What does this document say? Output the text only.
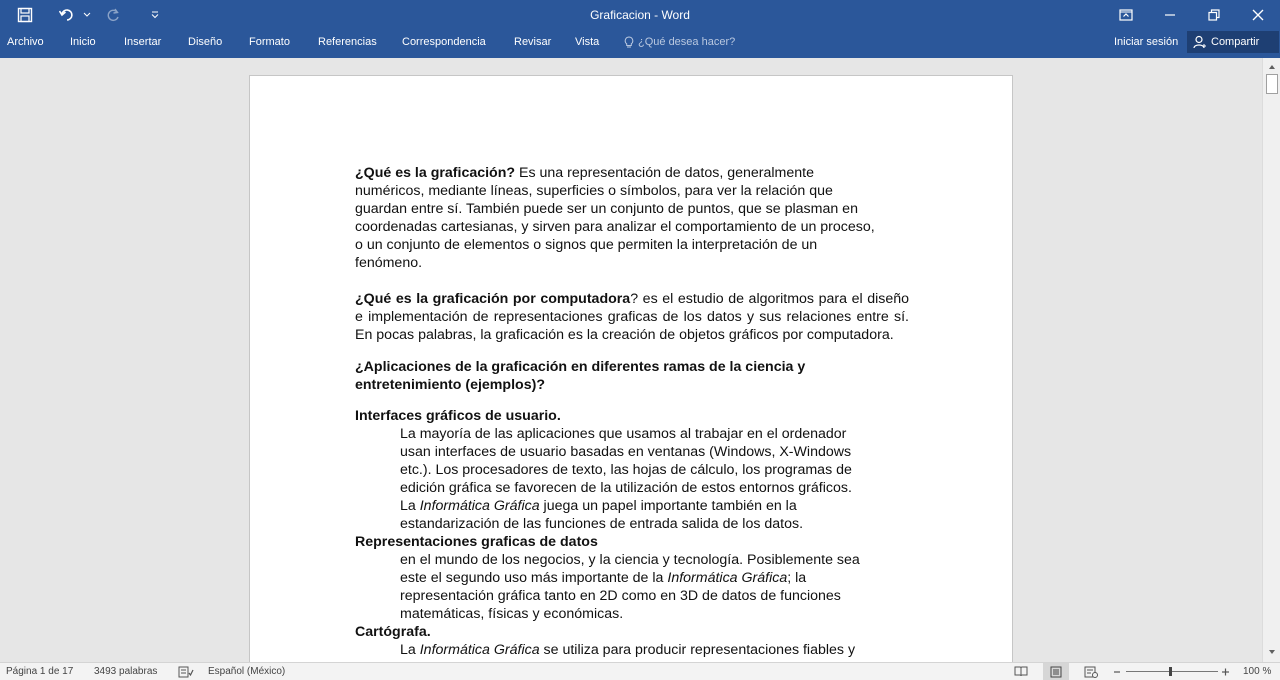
Graficacion - Word
Archivo Inicio	Insertar Diseño Formato	Referencias Correspondencia	Revisar Vista	¿Qué desea hacer?	Iniciar sesión	Compartir

¿Qué es la graficación? Es una representación de datos, generalmente

numéricos, mediante líneas, superficies o símbolos, para ver la relación que

guardan entre sí. También puede ser un conjunto de puntos, que se plasman en

coordenadas cartesianas, y sirven para analizar el comportamiento de un proceso,

o un conjunto de elementos o signos que permiten la interpretación de un

fenómeno.

¿Qué es la graficación por computadora? es el estudio de algoritmos para el diseño e implementación de representaciones graficas de los datos y sus relaciones entre sí. En pocas palabras, la graficación es la creación de objetos gráficos por computadora.

¿Aplicaciones de la graficación en diferentes ramas de la ciencia y

entretenimiento (ejemplos)?

Interfaces gráficos de usuario.

La mayoría de las aplicaciones que usamos al trabajar en el ordenador

usan interfaces de usuario basadas en ventanas (Windows, X-Windows

etc.). Los procesadores de texto, las hojas de cálculo, los programas de

edición gráfica se favorecen de la utilización de estos entornos gráficos.

La Informática Gráfica juega un papel importante también en la

estandarización de las funciones de entrada salida de los datos.

Representaciones graficas de datos

en el mundo de los negocios, y la ciencia y tecnología. Posiblemente sea

este el segundo uso más importante de la Informática Gráfica; la

representación gráfica tanto en 2D como en 3D de datos de funciones

matemáticas, físicas y económicas.

Cartógrafa.

La Informática Gráfica se utiliza para producir representaciones fiables y

Página 1 de 17 3493 palabras	Español (México)	100 %
